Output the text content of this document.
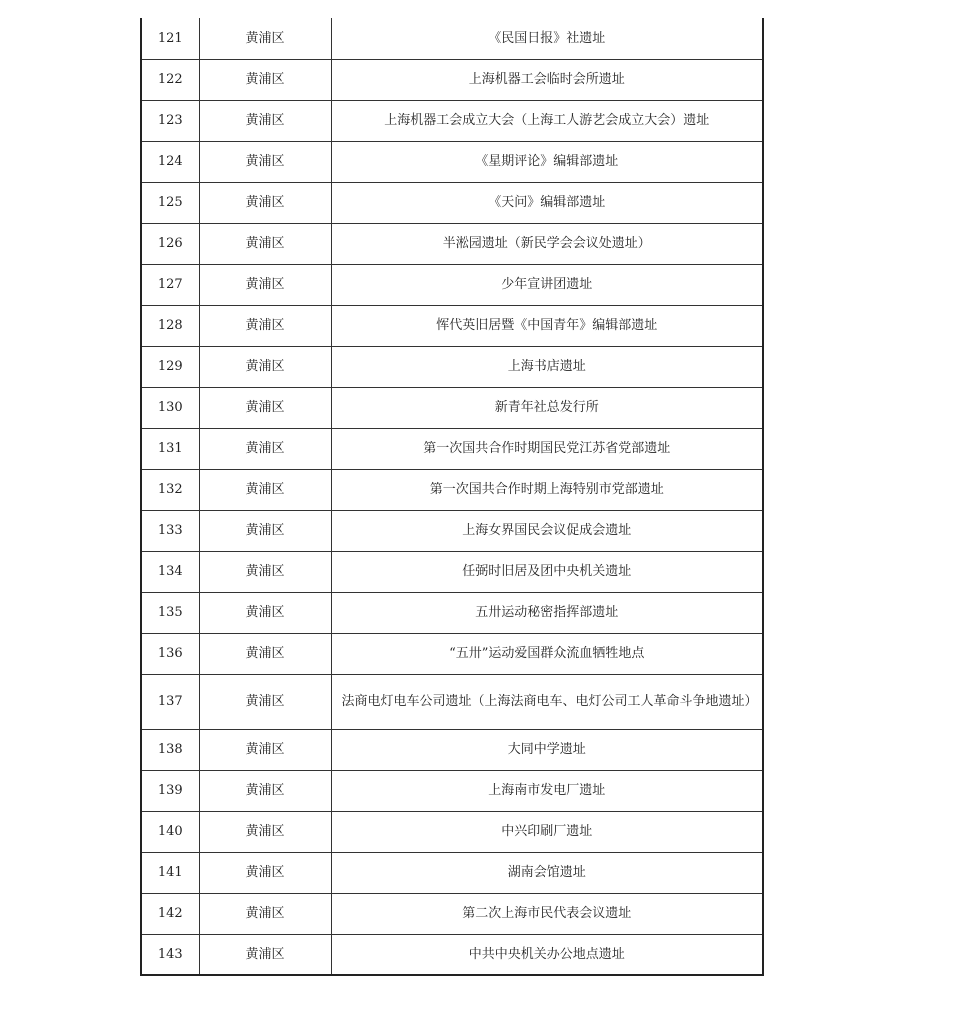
121	黄浦区	《民国日报》社遗址
122	黄浦区	上海机器工会临时会所遗址
123	黄浦区	上海机器工会成立大会（上海工人游艺会成立大会）遗址
124	黄浦区	《星期评论》编辑部遗址
125	黄浦区	《天问》编辑部遗址
126	黄浦区	半淞园遗址（新民学会会议处遗址）
127	黄浦区	少年宣讲团遗址
128	黄浦区	恽代英旧居暨《中国青年》编辑部遗址
129	黄浦区	上海书店遗址
130	黄浦区	新青年社总发行所
131	黄浦区	第一次国共合作时期国民党江苏省党部遗址
132	黄浦区	第一次国共合作时期上海特别市党部遗址
133	黄浦区	上海女界国民会议促成会遗址
134	黄浦区	任弼时旧居及团中央机关遗址
135	黄浦区	五卅运动秘密指挥部遗址
136	黄浦区	“五卅”运动爱国群众流血牺牲地点
137	黄浦区	法商电灯电车公司遗址（上海法商电车、电灯公司工人革命斗争地遗址）
138	黄浦区	大同中学遗址
139	黄浦区	上海南市发电厂遗址
140	黄浦区	中兴印刷厂遗址
141	黄浦区	湖南会馆遗址
142	黄浦区	第二次上海市民代表会议遗址
143	黄浦区	中共中央机关办公地点遗址
